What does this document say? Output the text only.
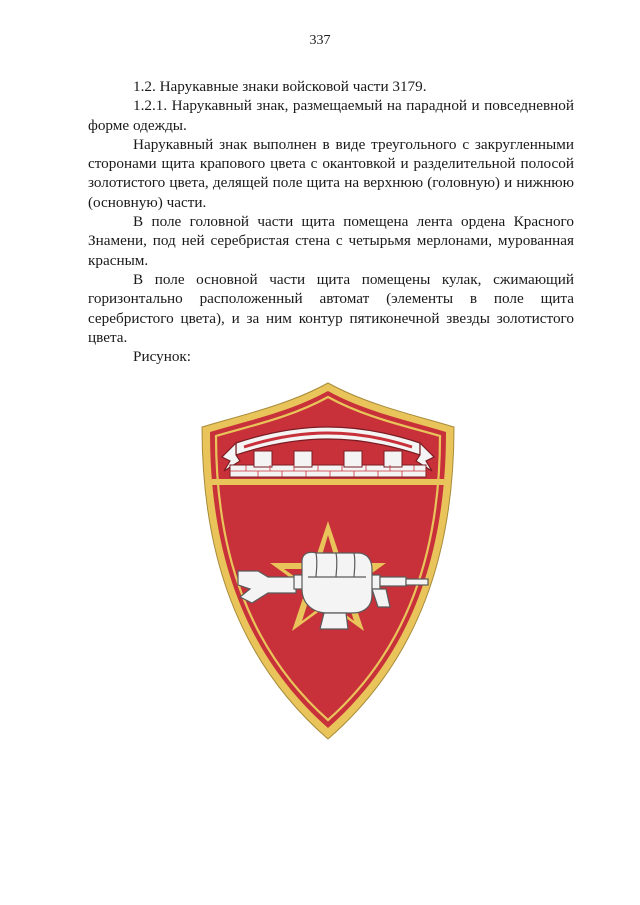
337

1.2. Нарукавные знаки войсковой части 3179.

1.2.1. Нарукавный знак, размещаемый на парадной и повседневной форме одежды.

Нарукавный знак выполнен в виде треугольного с закругленными сторонами щита крапового цвета с окантовкой и разделительной полосой золотистого цвета, делящей поле щита на верхнюю (головную) и нижнюю (основную) части.

В поле головной части щита помещена лента ордена Красного Знамени, под ней серебристая стена с четырьмя мерлонами, мурованная красным.

В поле основной части щита помещены кулак, сжимающий горизонтально расположенный автомат (элементы в поле щита серебристого цвета), и за ним контур пятиконечной звезды золотистого цвета.

Рисунок:
